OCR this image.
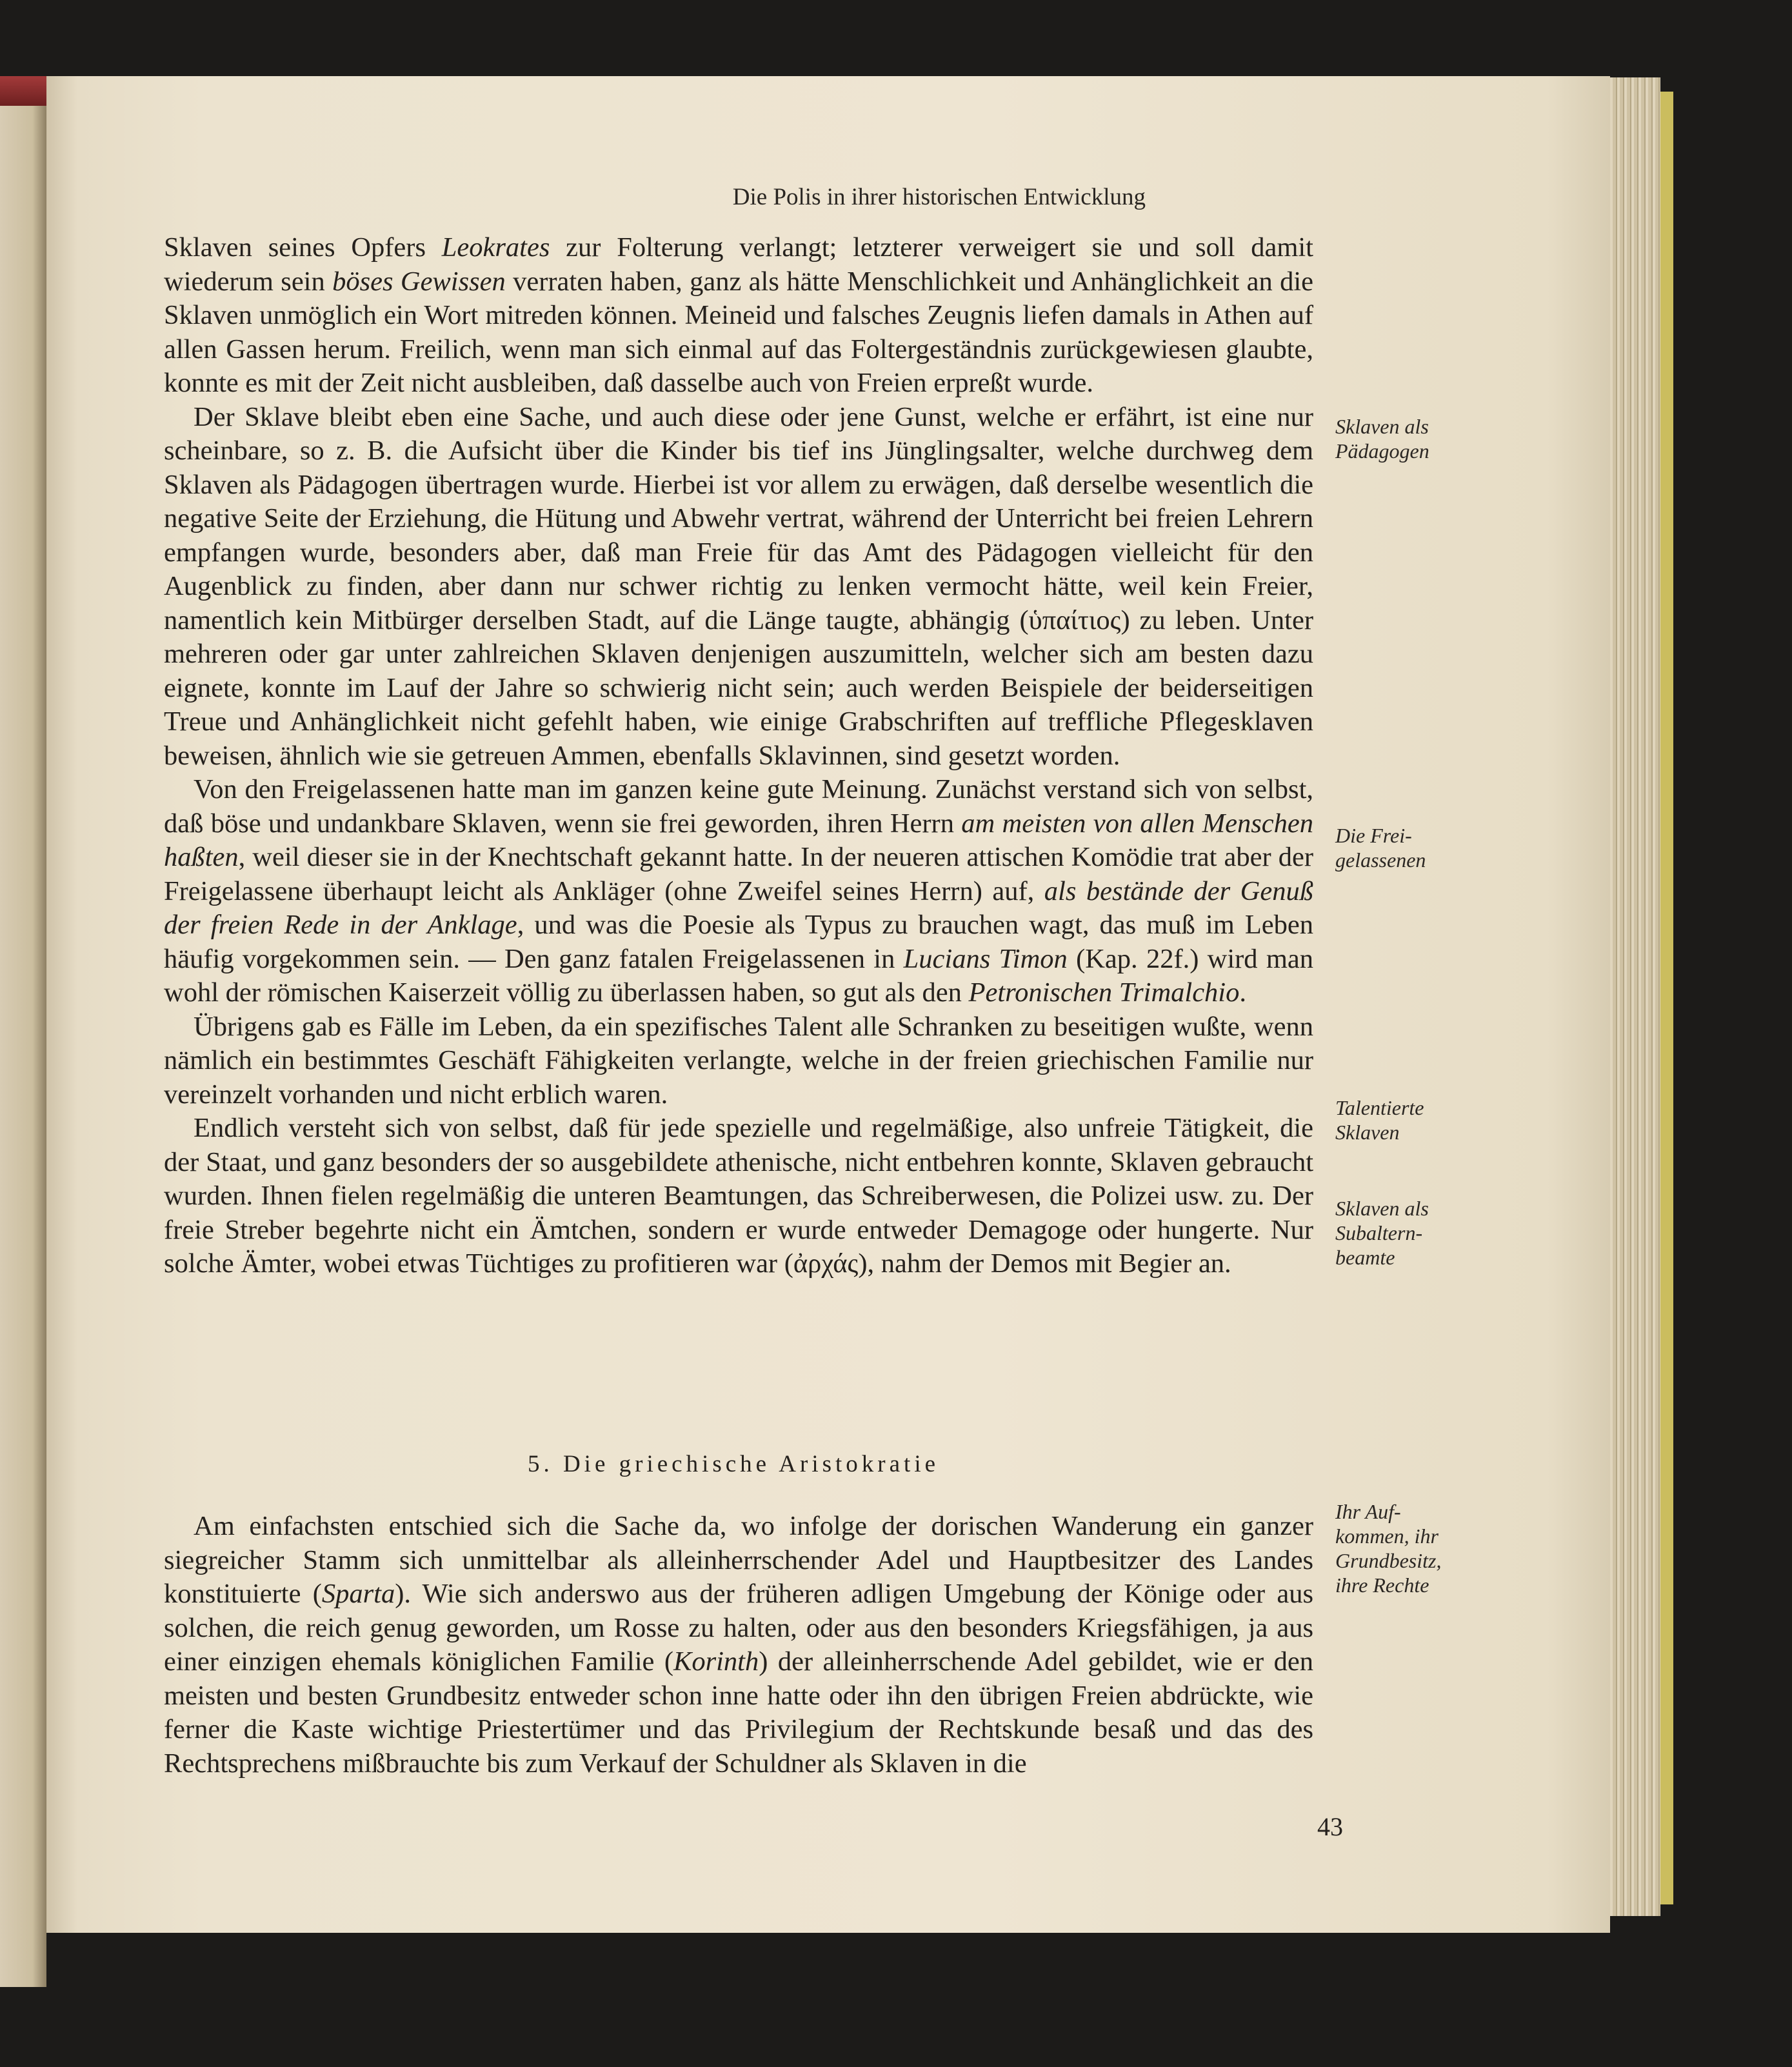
Die Polis in ihrer historischen Entwicklung

Sklaven seines Opfers Leokrates zur Folterung verlangt; letzterer verweigert sie und soll damit wiederum sein böses Gewissen verraten haben, ganz als hätte Menschlichkeit und Anhänglichkeit an die Sklaven unmöglich ein Wort mitreden können. Meineid und falsches Zeugnis liefen damals in Athen auf allen Gassen herum. Freilich, wenn man sich einmal auf das Foltergeständnis zurückgewiesen glaubte, konnte es mit der Zeit nicht ausbleiben, daß dasselbe auch von Freien erpreßt wurde.

Der Sklave bleibt eben eine Sache, und auch diese oder jene Gunst, welche er erfährt, ist eine nur scheinbare, so z. B. die Aufsicht über die Kinder bis tief ins Jünglingsalter, welche durchweg dem Sklaven als Pädagogen übertragen wurde. Hierbei ist vor allem zu erwägen, daß derselbe wesentlich die negative Seite der Erziehung, die Hütung und Abwehr vertrat, während der Unterricht bei freien Lehrern empfangen wurde, besonders aber, daß man Freie für das Amt des Pädagogen vielleicht für den Augenblick zu finden, aber dann nur schwer richtig zu lenken vermocht hätte, weil kein Freier, namentlich kein Mitbürger derselben Stadt, auf die Länge taugte, abhängig (ὑπαίτιος) zu leben. Unter mehreren oder gar unter zahlreichen Sklaven denjenigen auszumitteln, welcher sich am besten dazu eignete, konnte im Lauf der Jahre so schwierig nicht sein; auch werden Beispiele der beiderseitigen Treue und Anhänglichkeit nicht gefehlt haben, wie einige Grabschriften auf treffliche Pflegesklaven beweisen, ähnlich wie sie getreuen Ammen, ebenfalls Sklavinnen, sind gesetzt worden.

Von den Freigelassenen hatte man im ganzen keine gute Meinung. Zunächst verstand sich von selbst, daß böse und undankbare Sklaven, wenn sie frei geworden, ihren Herrn am meisten von allen Menschen haßten, weil dieser sie in der Knechtschaft gekannt hatte. In der neueren attischen Komödie trat aber der Freigelassene überhaupt leicht als Ankläger (ohne Zweifel seines Herrn) auf, als beständе der Genuß der freien Rede in der Anklage, und was die Poesie als Typus zu brauchen wagt, das muß im Leben häufig vorgekommen sein. — Den ganz fatalen Freigelassenen in Lucians Timon (Kap. 22f.) wird man wohl der römischen Kaiserzeit völlig zu überlassen haben, so gut als den Petronischen Trimalchio.

Übrigens gab es Fälle im Leben, da ein spezifisches Talent alle Schranken zu beseitigen wußte, wenn nämlich ein bestimmtes Geschäft Fähigkeiten verlangte, welche in der freien griechischen Familie nur vereinzelt vorhanden und nicht erblich waren.

Endlich versteht sich von selbst, daß für jede spezielle und regelmäßige, also unfreie Tätigkeit, die der Staat, und ganz besonders der so ausgebildete athenische, nicht entbehren konnte, Sklaven gebraucht wurden. Ihnen fielen regelmäßig die unteren Beamtungen, das Schreiberwesen, die Polizei usw. zu. Der freie Streber begehrte nicht ein Ämtchen, sondern er wurde entweder Demagoge oder hungerte. Nur solche Ämter, wobei etwas Tüchtiges zu profitieren war (ἀρχάς), nahm der Demos mit Begier an.

5. Die griechische Aristokratie

Am einfachsten entschied sich die Sache da, wo infolge der dorischen Wanderung ein ganzer siegreicher Stamm sich unmittelbar als alleinherrschender Adel und Hauptbesitzer des Landes konstituierte (Sparta). Wie sich anderswo aus der früheren adligen Umgebung der Könige oder aus solchen, die reich genug geworden, um Rosse zu halten, oder aus den besonders Kriegsfähigen, ja aus einer einzigen ehemals königlichen Familie (Korinth) der alleinherrschende Adel gebildet, wie er den meisten und besten Grundbesitz entweder schon inne hatte oder ihn den übrigen Freien abdrückte, wie ferner die Kaste wichtige Priestertümer und das Privilegium der Rechtskunde besaß und das des Rechtsprechens mißbrauchte bis zum Verkauf der Schuldner als Sklaven in die

Sklaven als
Pädagogen
Die Frei-
gelassenen
Talentierte
Sklaven
Sklaven als
Subaltern-
beamte
Ihr Auf-
kommen, ihr
Grundbesitz,
ihre Rechte
43
